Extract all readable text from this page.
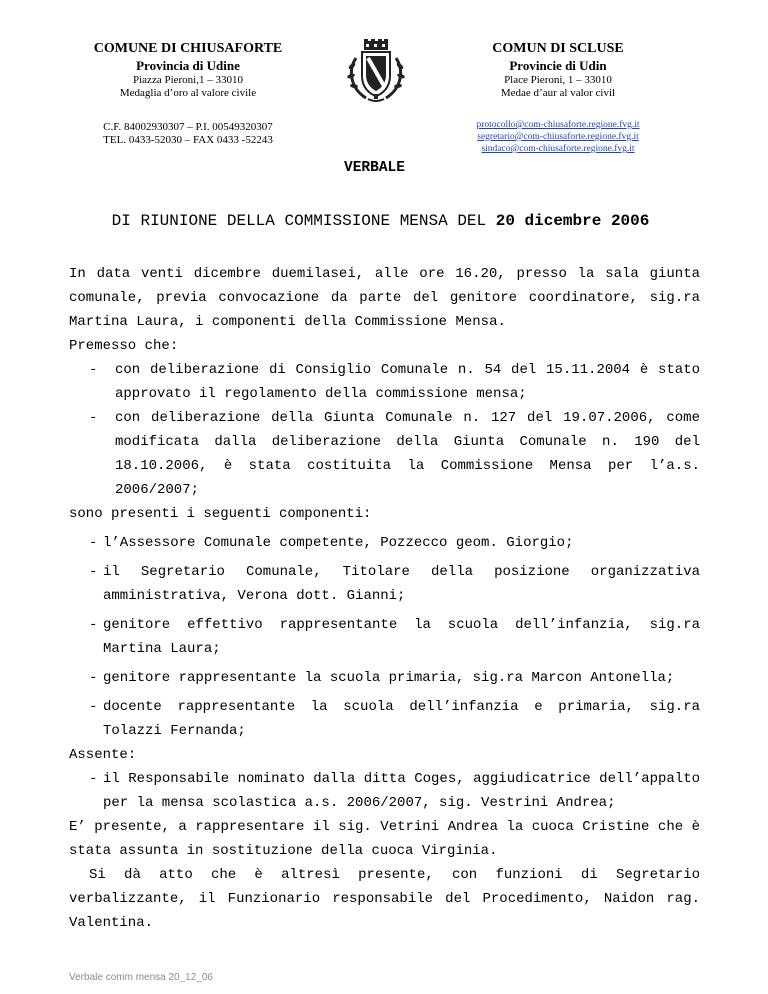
COMUNE DI CHIUSAFORTE
Provincia di Udine
Piazza Pieroni,1 – 33010
Medaglia d’oro al valore civile
C.F. 84002930307 – P.I. 00549320307
TEL. 0433-52030 – FAX 0433 -52243
COMUN DI SCLUSE
Provincie di Udin
Place Pieroni, 1 – 33010
Medae d’aur al valor civil
protocollo@com-chiusaforte.regione.fvg.it
segretario@com-chiusaforte.regione.fvg.it
sindaco@com-chiusaforte.regione.fvg.it
VERBALE
DI RIUNIONE DELLA COMMISSIONE MENSA DEL 20 dicembre 2006

In data venti dicembre duemilasei, alle ore 16.20, presso la sala giunta comunale, previa convocazione da parte del genitore coordinatore, sig.ra Martina Laura, i componenti della Commissione Mensa.

Premesso che:

- con deliberazione di Consiglio Comunale n. 54 del 15.11.2004 è stato approvato il regolamento della commissione mensa;
- con deliberazione della Giunta Comunale n. 127 del 19.07.2006, come modificata dalla deliberazione della Giunta Comunale n. 190 del 18.10.2006, è stata costituita la Commissione Mensa per l’a.s. 2006/2007;

sono presenti i seguenti componenti:

- l’Assessore Comunale competente, Pozzecco geom. Giorgio;
- il Segretario Comunale, Titolare della posizione organizzativa amministrativa, Verona dott. Gianni;
- genitore effettivo rappresentante la scuola dell’infanzia, sig.ra Martina Laura;
- genitore rappresentante la scuola primaria, sig.ra Marcon Antonella;
- docente rappresentante la scuola dell’infanzia e primaria, sig.ra Tolazzi Fernanda;

Assente:

- il Responsabile nominato dalla ditta Coges, aggiudicatrice dell’appalto per la mensa scolastica a.s. 2006/2007, sig. Vestrini Andrea;

E’ presente, a rappresentare il sig. Vetrini Andrea la cuoca Cristine che è stata assunta in sostituzione della cuoca Virginia.

Si dà atto che è altresì presente, con funzioni di Segretario verbalizzante, il Funzionario responsabile del Procedimento, Naidon rag. Valentina.

Verbale comm mensa 20_12_06
